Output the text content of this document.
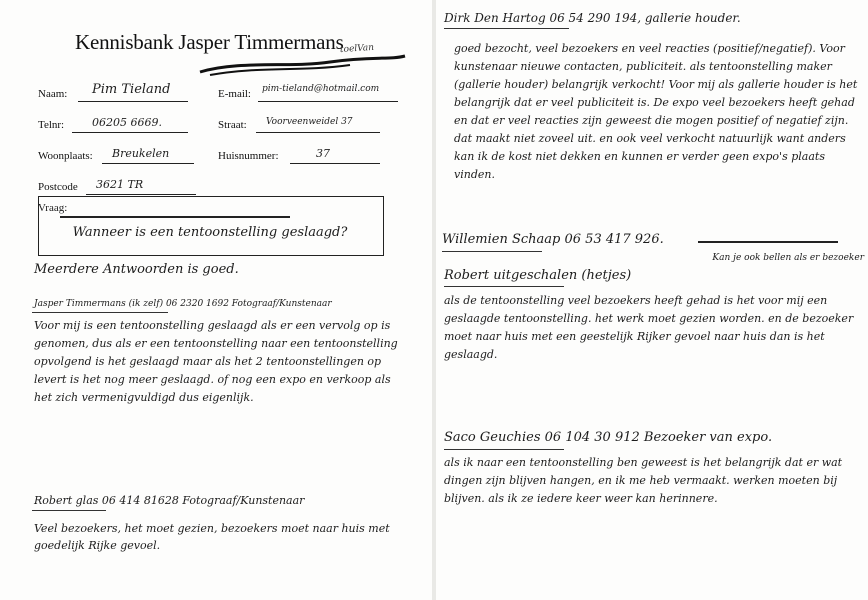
Kennisbank Jasper Timmermans
toelVan
Naam: Pim Tieland	E-mail: pim-tieland@hotmail.com
Telnr:	06205 6669.	Straat: Voorveenweidel 37
Woonplaats: Breukelen	Huisnummer:	37
Postcode 3621 TR
Vraag:
Wanneer is een tentoonstelling geslaagd?
Meerdere Antwoorden is goed.
Jasper Timmermans (ik zelf) 06 2320 1692 Fotograaf/Kunstenaar
Voor mij is een tentoonstelling geslaagd als er een vervolg op is genomen, dus als er een tentoonstelling naar een tentoonstelling opvolgend is het geslaagd maar als het 2 tentoonstellingen op levert is het nog meer geslaagd. of nog een expo en verkoop als het zich vermenigvuldigd dus eigenlijk.
Robert glas 06 414 81628 Fotograaf/Kunstenaar
Veel bezoekers, het moet gezien, bezoekers moet naar huis met goedelijk Rijke gevoel.
Dirk Den Hartog 06 54 290 194, gallerie houder.
goed bezocht, veel bezoekers en veel reacties (positief/negatief). Voor kunstenaar nieuwe contacten, publiciteit. als tentoonstelling maker (gallerie houder) belangrijk verkocht! Voor mij als gallerie houder is het belangrijk dat er veel publiciteit is. De expo veel bezoekers heeft gehad en dat er veel reacties zijn geweest die mogen positief of negatief zijn. dat maakt niet zoveel uit. en ook veel verkocht natuurlijk want anders kan ik de kost niet dekken en kunnen er verder geen expo's plaats vinden.
Willemien Schaap 06 53 417 926.
Kan je ook bellen als er bezoeker
Robert uitgeschalen (hetjes)
als de tentoonstelling veel bezoekers heeft gehad is het voor mij een geslaagde tentoonstelling. het werk moet gezien worden. en de bezoeker moet naar huis met een geestelijk Rijker gevoel naar huis dan is het geslaagd.
Saco Geuchies 06 104 30 912 Bezoeker van expo.
als ik naar een tentoonstelling ben geweest is het belangrijk dat er wat dingen zijn blijven hangen, en ik me heb vermaakt. werken moeten bij blijven. als ik ze iedere keer weer kan herinnere.
